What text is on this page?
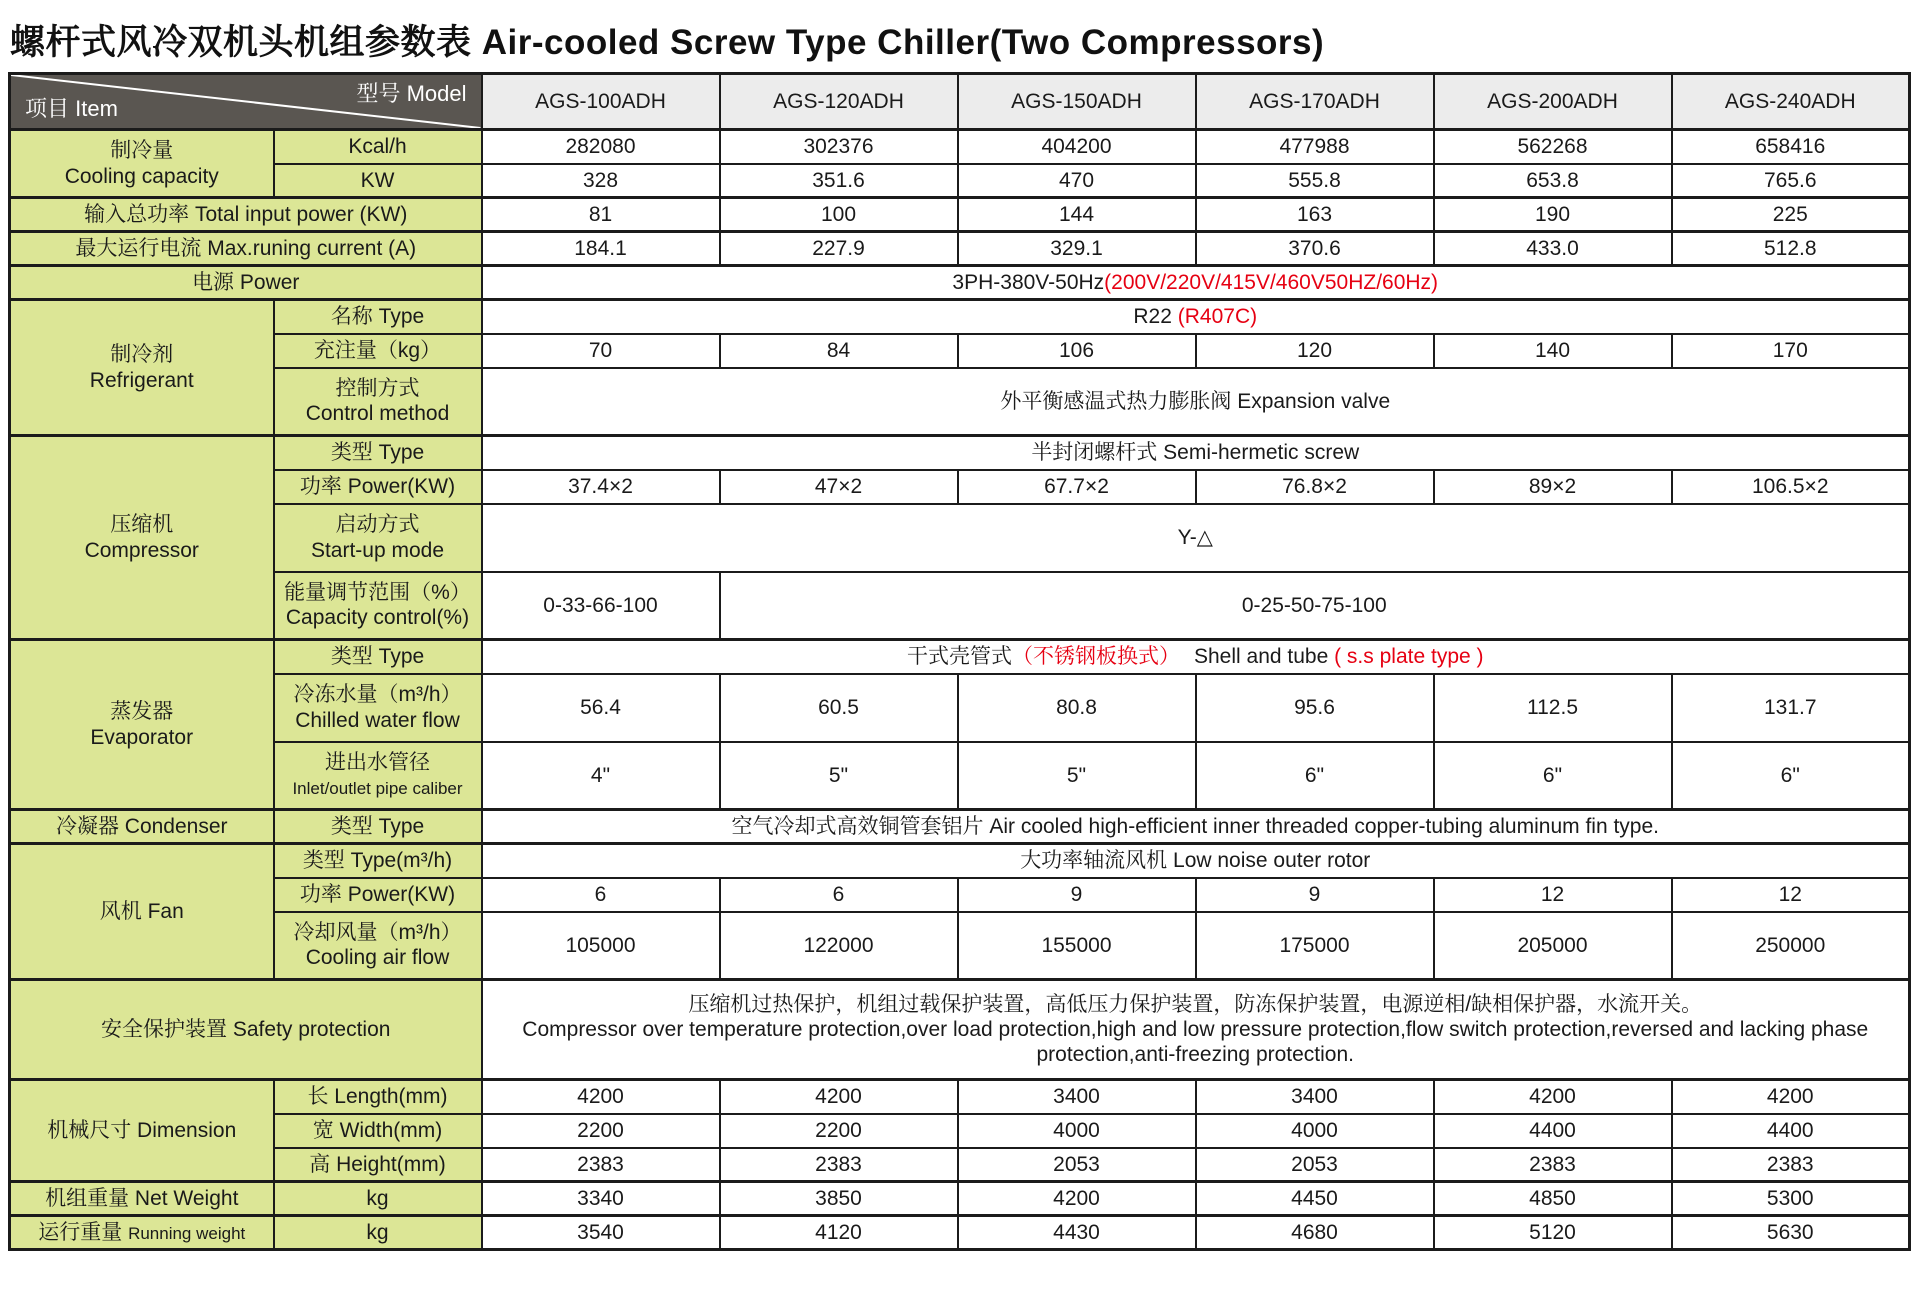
螺杆式风冷双机头机组参数表 Air-cooled Screw Type Chiller(Two Compressors)
型号 Model
项目 Item		AGS-100ADH	AGS-120ADH	AGS-150ADH	AGS-170ADH	AGS-200ADH	AGS-240ADH
制冷量
Cooling capacity	Kcal/h	282080	302376	404200	477988	562268	658416
	KW	328	351.6	470	555.8	653.8	765.6
输入总功率 Total input power (KW)		81	100	144	163	190	225
最大运行电流 Max.runing current (A)		184.1	227.9	329.1	370.6	433.0	512.8
电源 Power		3PH-380V-50Hz(200V/220V/415V/460V50HZ/60Hz)					
制冷剂
Refrigerant	名称 Type	R22 (R407C)					
	充注量（kg）	70	84	106	120	140	170
	控制方式
Control method	外平衡感温式热力膨胀阀 Expansion valve					
压缩机
Compressor	类型 Type	半封闭螺杆式 Semi-hermetic screw					
	功率 Power(KW)	37.4×2	47×2	67.7×2	76.8×2	89×2	106.5×2
	启动方式
Start-up mode	Y-△					
	能量调节范围（%）
Capacity control(%)	0-33-66-100	0-25-50-75-100				
蒸发器
Evaporator	类型 Type	干式壳管式（不锈钢板换式） Shell and tube ( s.s plate type )					
	冷冻水量（m³/h）
Chilled water flow	56.4	60.5	80.8	95.6	112.5	131.7
	进出水管径
Inlet/outlet pipe caliber	4"	5"	5"	6"	6"	6"
冷凝器 Condenser	类型 Type	空气冷却式高效铜管套铝片 Air cooled high-efficient inner threaded copper-tubing aluminum fin type.					
风机 Fan	类型 Type(m³/h)	大功率轴流风机 Low noise outer rotor					
	功率 Power(KW)	6	6	9	9	12	12
	冷却风量（m³/h）
Cooling air flow	105000	122000	155000	175000	205000	250000
安全保护装置 Safety protection		压缩机过热保护，机组过载保护装置，高低压力保护装置，防冻保护装置，电源逆相/缺相保护器，水流开关。
Compressor over temperature protection,over load protection,high and low pressure protection,flow switch protection,reversed and lacking phase protection,anti-freezing protection.					

机械尺寸 Dimension	长 Length(mm)	4200	4200	3400	3400	4200	4200
	宽 Width(mm)	2200	2200	4000	4000	4400	4400
	高 Height(mm)	2383	2383	2053	2053	2383	2383
机组重量 Net Weight	kg	3340	3850	4200	4450	4850	5300
运行重量 Running weight	kg	3540	4120	4430	4680	5120	5630
